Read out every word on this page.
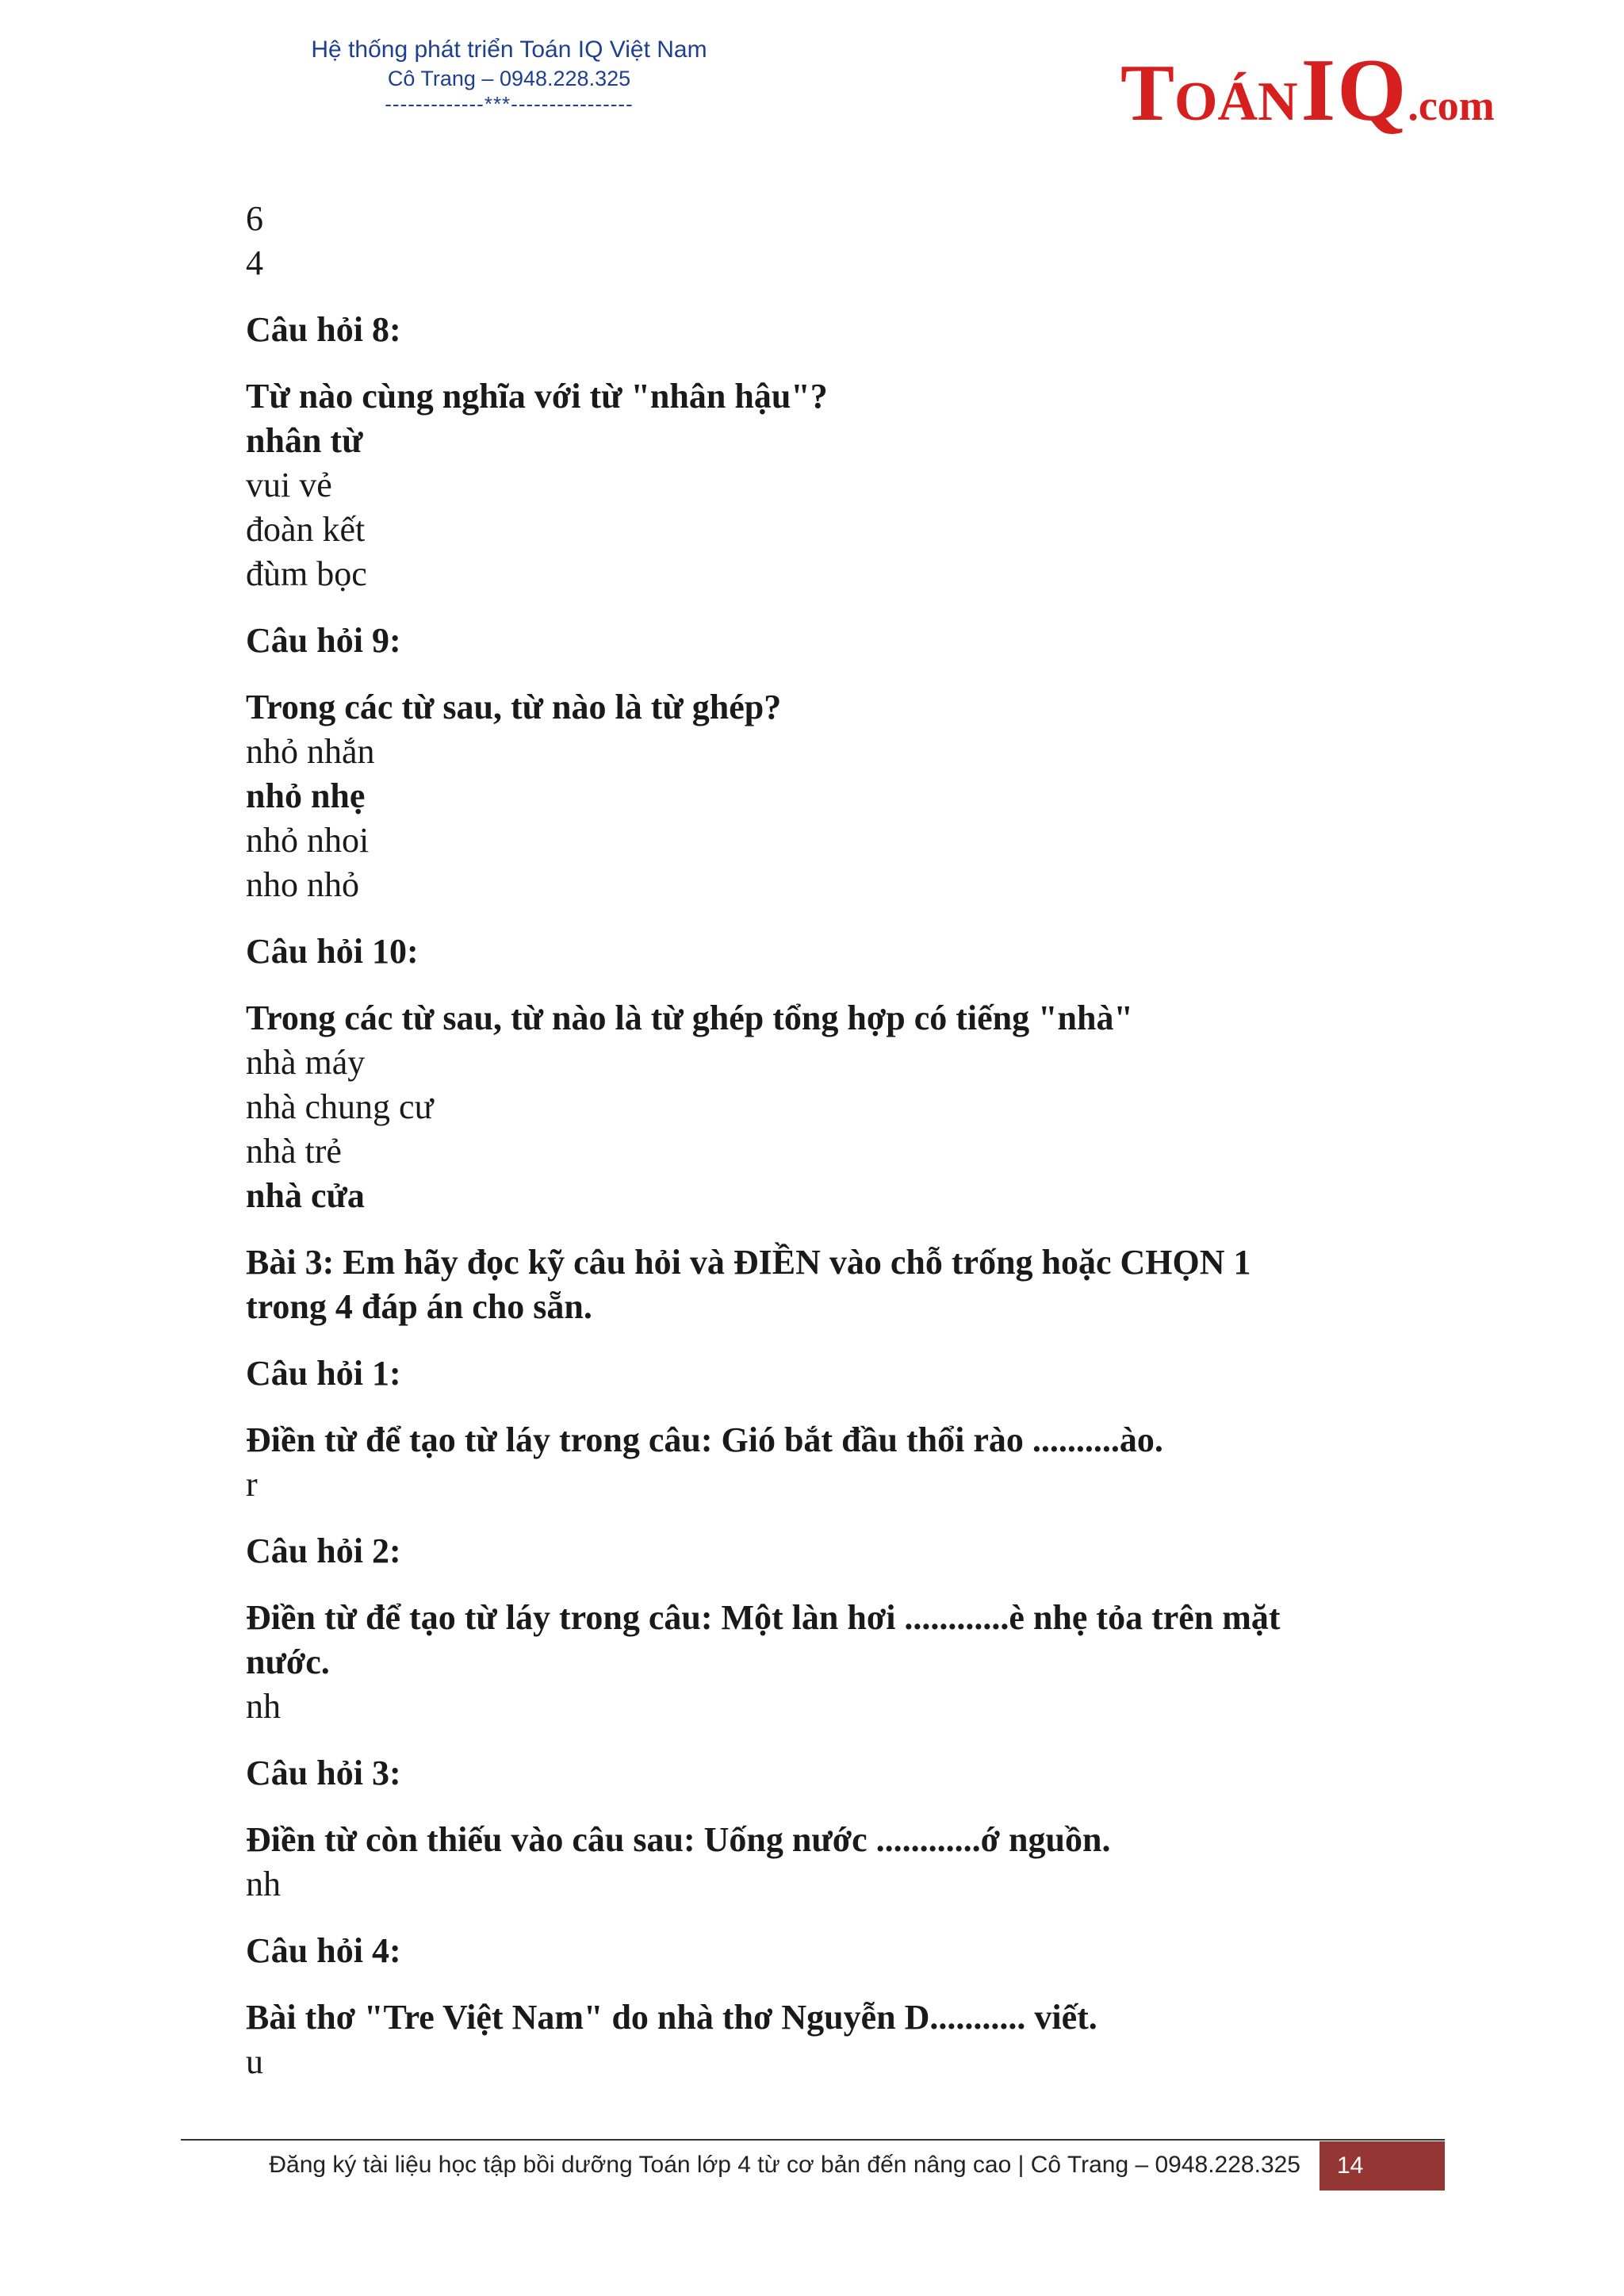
Hệ thống phát triển Toán IQ Việt Nam
Cô Trang – 0948.228.325
-------------***----------------	TOÁN IQ.com
6
4
Câu hỏi 8:
Từ nào cùng nghĩa với từ "nhân hậu"?
nhân từ
vui vẻ
đoàn kết
đùm bọc
Câu hỏi 9:
Trong các từ sau, từ nào là từ ghép?
nhỏ nhắn
nhỏ nhẹ
nhỏ nhoi
nho nhỏ
Câu hỏi 10:
Trong các từ sau, từ nào là từ ghép tổng hợp có tiếng "nhà"
nhà máy
nhà chung cư
nhà trẻ
nhà cửa
Bài 3: Em hãy đọc kỹ câu hỏi và ĐIỀN vào chỗ trống hoặc CHỌN 1
trong 4 đáp án cho sẵn.
Câu hỏi 1:
Điền từ để tạo từ láy trong câu: Gió bắt đầu thổi rào ..........ào.
r
Câu hỏi 2:
Điền từ để tạo từ láy trong câu: Một làn hơi ............è nhẹ tỏa trên mặt
nước.
nh
Câu hỏi 3:
Điền từ còn thiếu vào câu sau: Uống nước ............ớ nguồn.
nh
Câu hỏi 4:
Bài thơ "Tre Việt Nam" do nhà thơ Nguyễn D........... viết.
u
Đăng ký tài liệu học tập bồi dưỡng Toán lớp 4 từ cơ bản đến nâng cao | Cô Trang – 0948.228.325	14
